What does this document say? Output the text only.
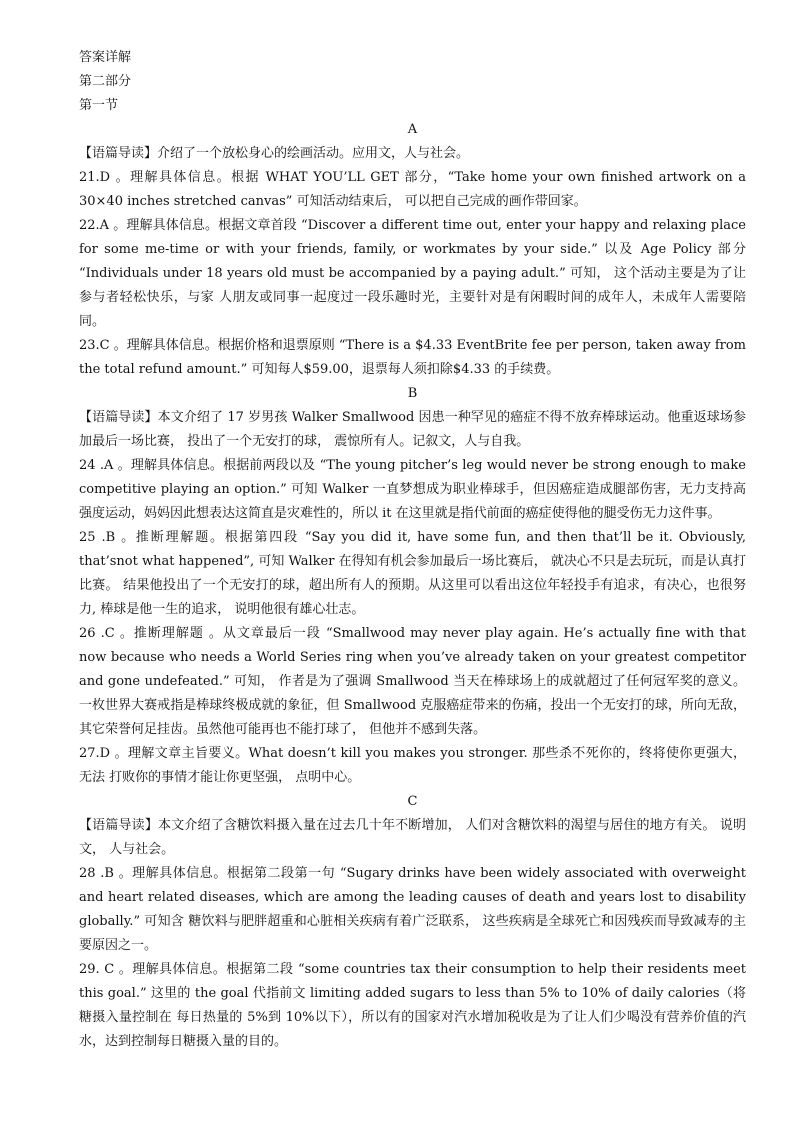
答案详解

第二部分

第一节

A

【语篇导读】介绍了一个放松身心的绘画活动。应用文，人与社会。

21.D 。理解具体信息。根据 WHAT YOU’LL GET 部分，“Take home your own finished artwork on a 30×40 inches stretched canvas” 可知活动结束后， 可以把自己完成的画作带回家。

22.A 。理解具体信息。根据文章首段 “Discover a different time out, enter your happy and relaxing place for some me-time or with your friends, family, or workmates by your side.” 以及 Age Policy 部分 “Individuals under 18 years old must be accompanied by a paying adult.” 可知， 这个活动主要是为了让参与者轻松快乐，与家 人朋友或同事一起度过一段乐趣时光，主要针对是有闲暇时间的成年人，未成年人需要陪同。

23.C 。理解具体信息。根据价格和退票原则 “There is a $4.33 EventBrite fee per person, taken away from the total refund amount.” 可知每人$59.00，退票每人须扣除$4.33 的手续费。

B

【语篇导读】本文介绍了 17 岁男孩 Walker Smallwood 因患一种罕见的癌症不得不放弃棒球运动。他重返球场参加最后一场比赛， 投出了一个无安打的球， 震惊所有人。记叙文，人与自我。

24 .A 。理解具体信息。根据前两段以及 “The young pitcher’s leg would never be strong enough to make competitive playing an option.” 可知 Walker 一直梦想成为职业棒球手，但因癌症造成腿部伤害，无力支持高强度运动，妈妈因此想表达这简直是灾难性的，所以 it 在这里就是指代前面的癌症使得他的腿受伤无力这件事。

25 .B 。推断理解题。根据第四段 “Say you did it, have some fun, and then that’ll be it. Obviously, that’snot what happened”, 可知 Walker 在得知有机会参加最后一场比赛后， 就决心不只是去玩玩，而是认真打比赛。 结果他投出了一个无安打的球，超出所有人的预期。从这里可以看出这位年轻投手有追求，有决心，也很努力, 棒球是他一生的追求， 说明他很有雄心壮志。

26 .C 。推断理解题 。从文章最后一段 “Smallwood may never play again. He’s actually fine with that now because who needs a World Series ring when you’ve already taken on your greatest competitor and gone undefeated.” 可知， 作者是为了强调 Smallwood 当天在棒球场上的成就超过了任何冠军奖的意义。一枚世界大赛戒指是棒球终极成就的象征，但 Smallwood 克服癌症带来的伤痛，投出一个无安打的球，所向无敌， 其它荣誉何足挂齿。虽然他可能再也不能打球了， 但他并不感到失落。

27.D 。理解文章主旨要义。What doesn’t kill you makes you stronger. 那些杀不死你的，终将使你更强大，无法 打败你的事情才能让你更坚强， 点明中心。

C

【语篇导读】本文介绍了含糖饮料摄入量在过去几十年不断增加， 人们对含糖饮料的渴望与居住的地方有关。 说明文， 人与社会。

28 .B 。理解具体信息。根据第二段第一句 “Sugary drinks have been widely associated with overweight and heart related diseases, which are among the leading causes of death and years lost to disability globally.” 可知含 糖饮料与肥胖超重和心脏相关疾病有着广泛联系， 这些疾病是全球死亡和因残疾而导致减寿的主要原因之一。

29. C 。理解具体信息。根据第二段 “some countries tax their consumption to help their residents meet this goal.” 这里的 the goal 代指前文 limiting added sugars to less than 5% to 10% of daily calories（将糖摄入量控制在 每日热量的 5%到 10%以下），所以有的国家对汽水增加税收是为了让人们少喝没有营养价值的汽水，达到控制每日糖摄入量的目的。
